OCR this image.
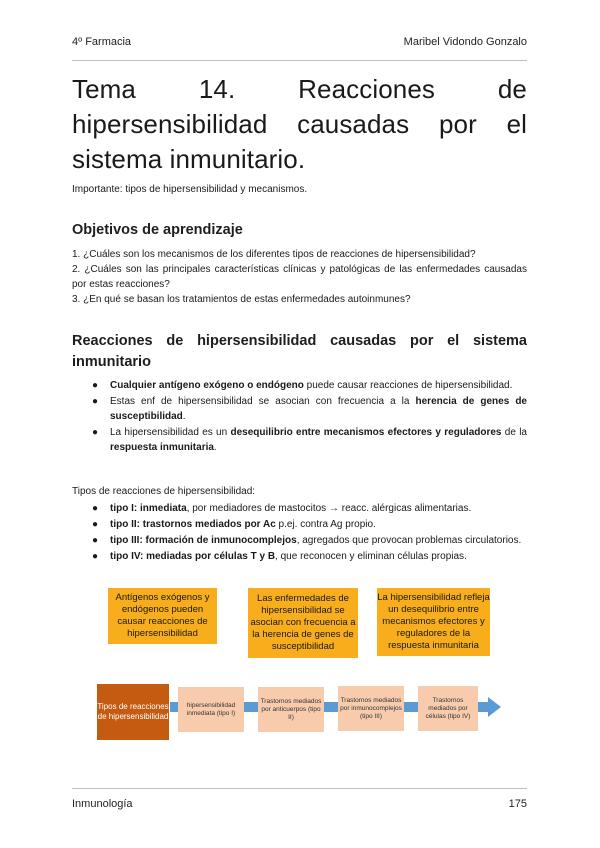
4º Farmacia	Maribel Vidondo Gonzalo
Tema 14. Reacciones de hipersensibilidad causadas por el sistema inmunitario.
Importante: tipos de hipersensibilidad y mecanismos.
Objetivos de aprendizaje

1. ¿Cuáles son los mecanismos de los diferentes tipos de reacciones de hipersensibilidad?

2. ¿Cuáles son las principales características clínicas y patológicas de las enfermedades causadas por estas reacciones?

3. ¿En qué se basan los tratamientos de estas enfermedades autoinmunes?

Reacciones de hipersensibilidad causadas por el sistema inmunitario
● Cualquier antígeno exógeno o endógeno puede causar reacciones de hipersensibilidad.
● Estas enf de hipersensibilidad se asocian con frecuencia a la herencia de genes de susceptibilidad.
● La hipersensibilidad es un desequilibrio entre mecanismos efectores y reguladores de la respuesta inmunitaria.
Tipos de reacciones de hipersensibilidad:
● tipo I: inmediata, por mediadores de mastocitos → reacc. alérgicas alimentarias.
● tipo II: trastornos mediados por Ac p.ej. contra Ag propio.
● tipo III: formación de inmunocomplejos, agregados que provocan problemas circulatorios.
● tipo IV: mediadas por células T y B, que reconocen y eliminan células propias.
Antígenos exógenos y endógenos pueden causar reacciones de hipersensibilidad
Las enfermedades de hipersensibilidad se asocian con frecuencia a la herencia de genes de susceptibilidad
La hipersensibilidad refleja un desequilibrio entre mecanismos efectores y reguladores de la respuesta inmunitaria
Tipos de reacciones de hipersensibilidad
hipersensibilidad inmediata (tipo I)
Trastornos mediados por anticuerpos (tipo II)
Trastornos mediados por inmunocomplejos (tipo III)
Trastornos mediados por células (tipo IV)
Inmunología	175
